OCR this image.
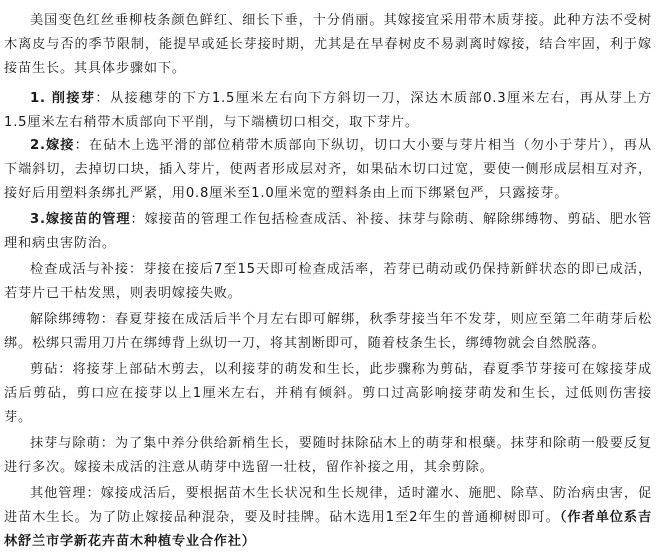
美国变色红丝垂柳枝条颜色鲜红、细长下垂，十分俏丽。其嫁接宜采用带木质芽接。此种方法不受树木离皮与否的季节限制，能提早或延长芽接时期，尤其是在早春树皮不易剥离时嫁接，结合牢固，利于嫁接苗生长。其具体步骤如下。

1. 削接芽：从接穗芽的下方1.5厘米左右向下方斜切一刀，深达木质部0.3厘米左右，再从芽上方1.5厘米左右稍带木质部向下平削，与下端横切口相交，取下芽片。

2.嫁接：在砧木上选平滑的部位稍带木质部向下纵切，切口大小要与芽片相当（勿小于芽片），再从下端斜切，去掉切口块，插入芽片，使两者形成层对齐，如果砧木切口过宽，要使一侧形成层相互对齐，接好后用塑料条绑扎严紧，用0.8厘米至1.0厘米宽的塑料条由上而下绑紧包严，只露接芽。

3.嫁接苗的管理：嫁接苗的管理工作包括检查成活、补接、抹芽与除萌、解除绑缚物、剪砧、肥水管理和病虫害防治。

检查成活与补接：芽接在接后7至15天即可检查成活率，若芽已萌动或仍保持新鲜状态的即已成活，若芽片已干枯发黑，则表明嫁接失败。

解除绑缚物：春夏芽接在成活后半个月左右即可解绑，秋季芽接当年不发芽，则应至第二年萌芽后松绑。松绑只需用刀片在绑缚背上纵切一刀，将其割断即可，随着枝条生长，绑缚物就会自然脱落。

剪砧：将接芽上部砧木剪去，以利接芽的萌发和生长，此步骤称为剪砧，春夏季节芽接可在嫁接芽成活后剪砧，剪口应在接芽以上1厘米左右，并稍有倾斜。剪口过高影响接芽萌发和生长，过低则伤害接芽。

抹芽与除萌：为了集中养分供给新梢生长，要随时抹除砧木上的萌芽和根蘖。抹芽和除萌一般要反复进行多次。嫁接未成活的注意从萌芽中选留一壮枝，留作补接之用，其余剪除。

其他管理：嫁接成活后，要根据苗木生长状况和生长规律，适时灌水、施肥、除草、防治病虫害，促进苗木生长。为了防止嫁接品种混杂，要及时挂牌。砧木选用1至2年生的普通柳树即可。（作者单位系吉林舒兰市学新花卉苗木种植专业合作社）
